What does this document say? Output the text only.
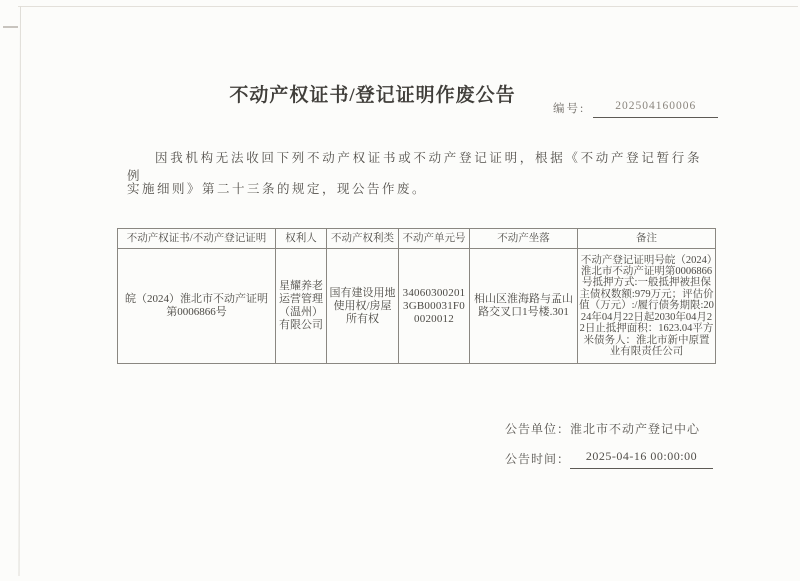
不动产权证书/登记证明作废公告
编号:	202504160006

因我机构无法收回下列不动产权证书或不动产登记证明，根据《不动产登记暂行条例

实施细则》第二十三条的规定，现公告作废。

不动产权证书/不动产登记证明	权利人	不动产权利类	不动产单元号	不动产坐落	备注
皖（2024）淮北市不动产证明第0006866号	星耀养老运营管理（温州）有限公司	国有建设用地使用权/房屋所有权	340603002013GB00031F00020012	相山区淮海路与孟山路交叉口1号楼.301	不动产登记证明号皖（2024）淮北市不动产证明第0006866号抵押方式:一般抵押被担保主债权数额:979万元；评估价值（万元）:/履行债务期限:2024年04月22日起2030年04月22日止抵押面积：1623.04平方米债务人：淮北市新中原置业有限责任公司
公告单位： 淮北市不动产登记中心
公告时间：	2025-04-16 00:00:00
